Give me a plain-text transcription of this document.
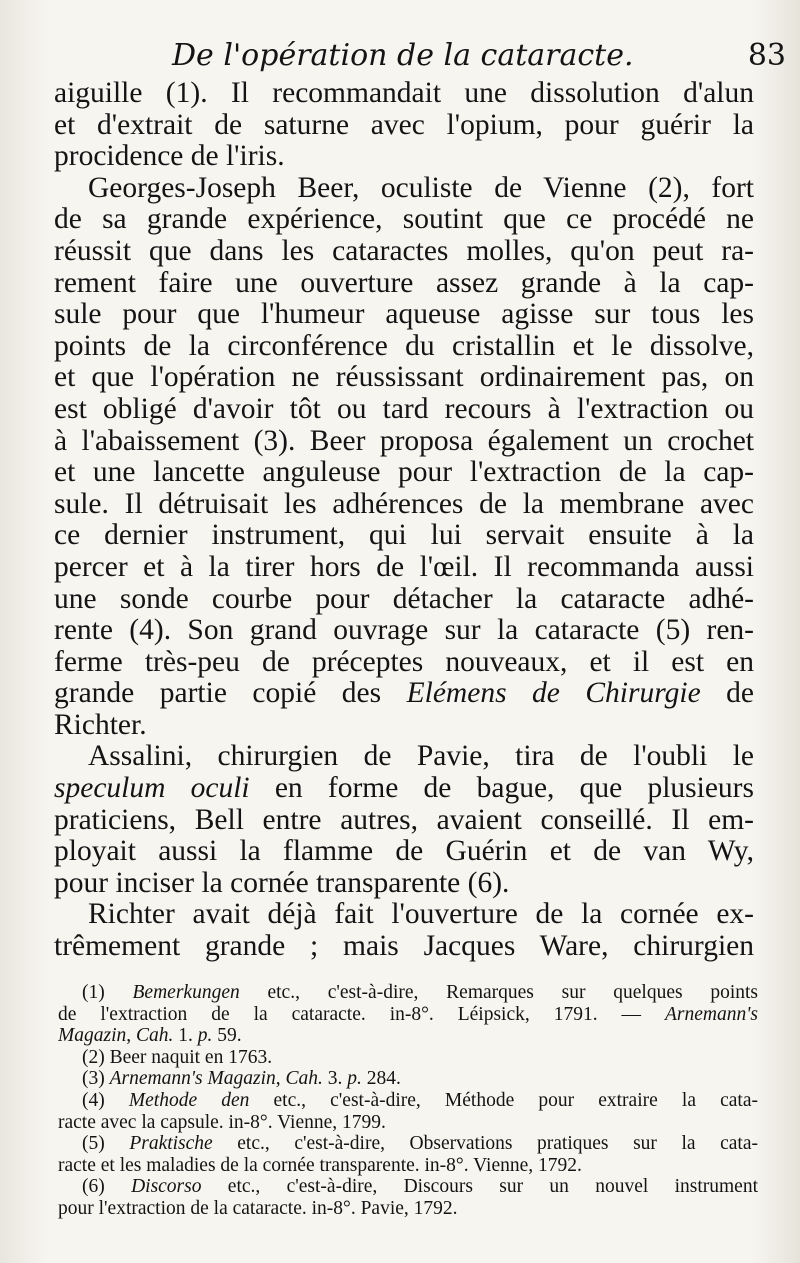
De l'opération de la cataracte.	83
aiguille (1). Il recommandait une dissolution d'alun
et d'extrait de saturne avec l'opium, pour guérir la
procidence de l'iris.
Georges-Joseph Beer, oculiste de Vienne (2), fort
de sa grande expérience, soutint que ce procédé ne
réussit que dans les cataractes molles, qu'on peut ra-
rement faire une ouverture assez grande à la cap-
sule pour que l'humeur aqueuse agisse sur tous les
points de la circonférence du cristallin et le dissolve,
et que l'opération ne réussissant ordinairement pas, on
est obligé d'avoir tôt ou tard recours à l'extraction ou
à l'abaissement (3). Beer proposa également un crochet
et une lancette anguleuse pour l'extraction de la cap-
sule. Il détruisait les adhérences de la membrane avec
ce dernier instrument, qui lui servait ensuite à la
percer et à la tirer hors de l'œil. Il recommanda aussi
une sonde courbe pour détacher la cataracte adhé-
rente (4). Son grand ouvrage sur la cataracte (5) ren-
ferme très-peu de préceptes nouveaux, et il est en
grande partie copié des Elémens de Chirurgie de
Richter.
Assalini, chirurgien de Pavie, tira de l'oubli le
speculum oculi en forme de bague, que plusieurs
praticiens, Bell entre autres, avaient conseillé. Il em-
ployait aussi la flamme de Guérin et de van Wy,
pour inciser la cornée transparente (6).
Richter avait déjà fait l'ouverture de la cornée ex-
trêmement grande ; mais Jacques Ware, chirurgien
(1) Bemerkungen etc., c'est-à-dire, Remarques sur quelques points
de l'extraction de la cataracte. in-8°. Léipsick, 1791. — Arnemann's
Magazin, Cah. 1. p. 59.
(2) Beer naquit en 1763.
(3) Arnemann's Magazin, Cah. 3. p. 284.
(4) Methode den etc., c'est-à-dire, Méthode pour extraire la cata-
racte avec la capsule. in-8°. Vienne, 1799.
(5) Praktische etc., c'est-à-dire, Observations pratiques sur la cata-
racte et les maladies de la cornée transparente. in-8°. Vienne, 1792.
(6) Discorso etc., c'est-à-dire, Discours sur un nouvel instrument
pour l'extraction de la cataracte. in-8°. Pavie, 1792.
